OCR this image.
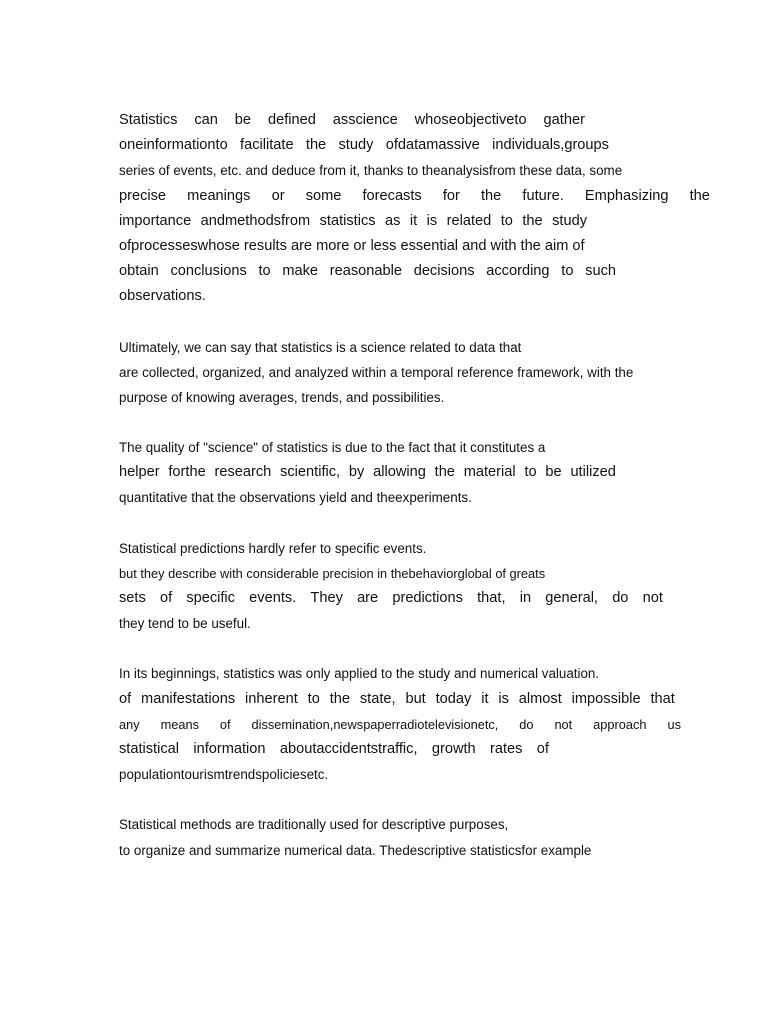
Statistics can be defined asscience whoseobjectiveto gather
oneinformationto facilitate the study ofdatamassive individuals,groups
series of events, etc. and deduce from it, thanks to theanalysisfrom these data, some
precise meanings or some forecasts for the future. Emphasizing the
importance andmethodsfrom statistics as it is related to the study
ofprocesseswhose results are more or less essential and with the aim of
obtain conclusions to make reasonable decisions according to such
observations.
Ultimately, we can say that statistics is a science related to data that
are collected, organized, and analyzed within a temporal reference framework, with the
purpose of knowing averages, trends, and possibilities.
The quality of "science" of statistics is due to the fact that it constitutes a
helper forthe research scientific, by allowing the material to be utilized
quantitative that the observations yield and theexperiments.
Statistical predictions hardly refer to specific events.
but they describe with considerable precision in thebehaviorglobal of greats
sets of specific events. They are predictions that, in general, do not
they tend to be useful.
In its beginnings, statistics was only applied to the study and numerical valuation.
of manifestations inherent to the state, but today it is almost impossible that
any means of dissemination,newspaperradiotelevisionetc, do not approach us
statistical information aboutaccidentstraffic, growth rates of
populationtourismtrendspoliciesetc.
Statistical methods are traditionally used for descriptive purposes,
to organize and summarize numerical data. Thedescriptive statisticsfor example
